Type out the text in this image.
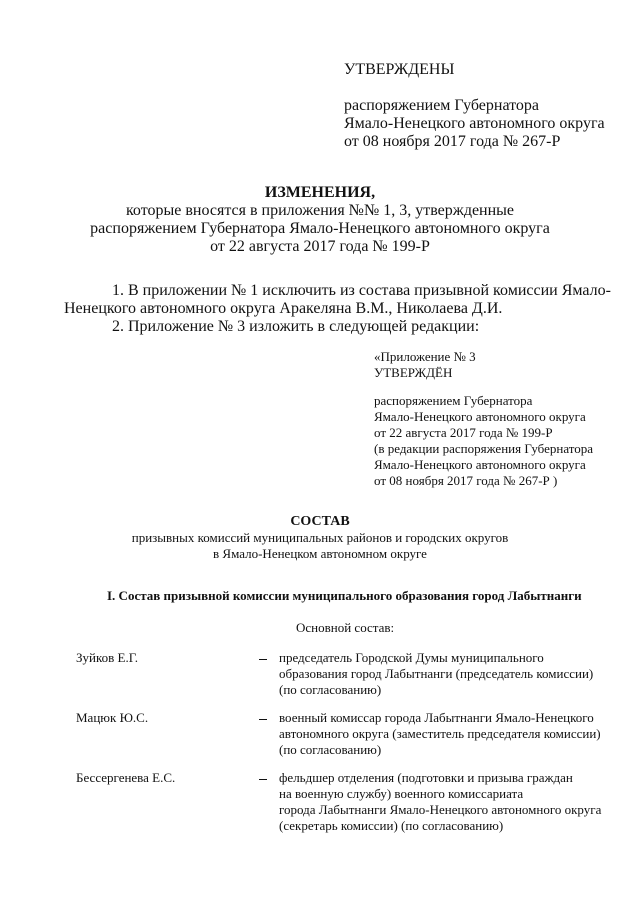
УТВЕРЖДЕНЫ
распоряжением Губернатора
Ямало-Ненецкого автономного округа
от 08 ноября 2017 года № 267-Р
ИЗМЕНЕНИЯ,
которые вносятся в приложения №№ 1, 3, утвержденные
распоряжением Губернатора Ямало-Ненецкого автономного округа
от 22 августа 2017 года № 199-Р
1. В приложении № 1 исключить из состава призывной комиссии Ямало-
Ненецкого автономного округа Аракеляна В.М., Николаева Д.И.
2. Приложение № 3 изложить в следующей редакции:
«Приложение № 3
УТВЕРЖДЁН
распоряжением Губернатора
Ямало-Ненецкого автономного округа
от 22 августа 2017 года № 199-Р
(в редакции распоряжения Губернатора
Ямало-Ненецкого автономного округа
от 08 ноября 2017 года № 267-Р )
СОСТАВ
призывных комиссий муниципальных районов и городских округов
в Ямало-Ненецком автономном округе
I. Состав призывной комиссии муниципального образования город Лабытнанги
Основной состав:
Зуйков Е.Г.	председатель Городской Думы муниципального
образования город Лабытнанги (председатель комиссии)
(по согласованию)
Мацюк Ю.С.	военный комиссар города Лабытнанги Ямало-Ненецкого
автономного округа (заместитель председателя комиссии)
(по согласованию)
Бессергенева Е.С.	фельдшер отделения (подготовки и призыва граждан
на военную службу) военного комиссариата
города Лабытнанги Ямало-Ненецкого автономного округа
(секретарь комиссии) (по согласованию)
